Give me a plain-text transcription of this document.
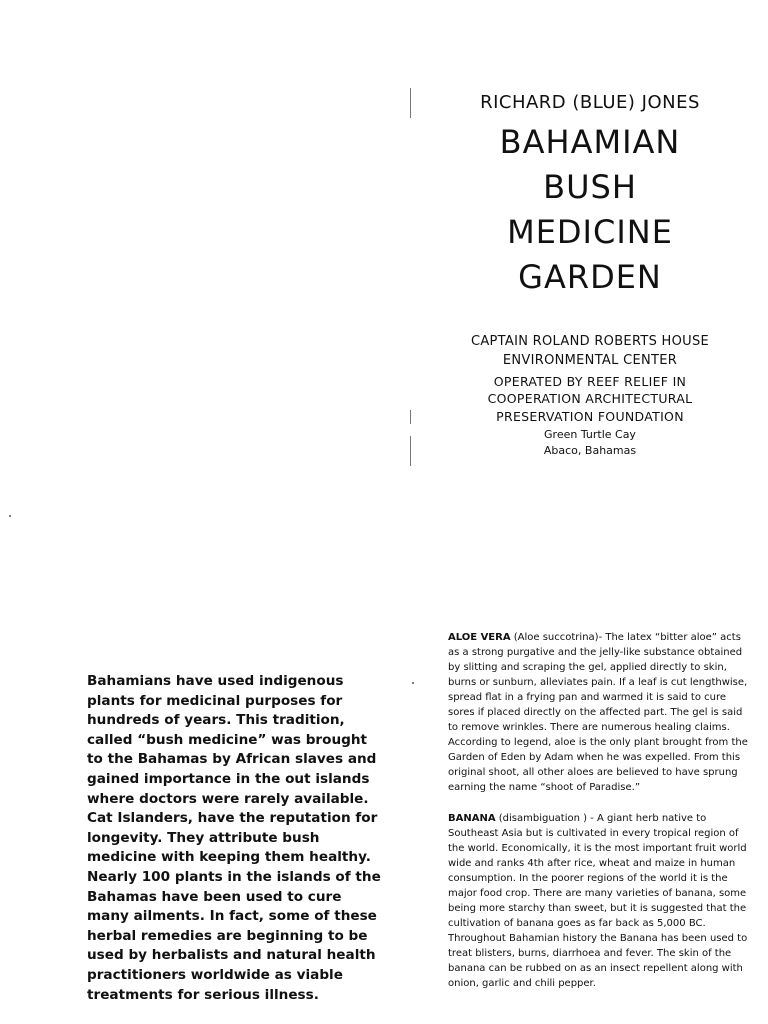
RICHARD (BLUE) JONES
BAHAMIAN
BUSH
MEDICINE
GARDEN
CAPTAIN ROLAND ROBERTS HOUSE
ENVIRONMENTAL CENTER
OPERATED BY REEF RELIEF IN
COOPERATION ARCHITECTURAL
PRESERVATION FOUNDATION
Green Turtle Cay
Abaco, Bahamas
Bahamians have used indigenous plants for medicinal purposes for hundreds of years. This tradition, called “bush medicine” was brought to the Bahamas by African slaves and gained importance in the out islands where doctors were rarely available. Cat Islanders, have the reputation for longevity. They attribute bush medicine with keeping them healthy. Nearly 100 plants in the islands of the Bahamas have been used to cure many ailments. In fact, some of these herbal remedies are beginning to be used by herbalists and natural health practitioners worldwide as viable treatments for serious illness.

ALOE VERA (Aloe succotrina)- The latex “bitter aloe” acts as a strong purgative and the jelly-like substance obtained by slitting and scraping the gel, applied directly to skin, burns or sunburn, alleviates pain. If a leaf is cut lengthwise, spread flat in a frying pan and warmed it is said to cure sores if placed directly on the affected part. The gel is said to remove wrinkles. There are numerous healing claims. According to legend, aloe is the only plant brought from the Garden of Eden by Adam when he was expelled. From this original shoot, all other aloes are believed to have sprung earning the name “shoot of Paradise.”

BANANA (disambiguation ) - A giant herb native to Southeast Asia but is cultivated in every tropical region of the world. Economically, it is the most important fruit world wide and ranks 4th after rice, wheat and maize in human consumption. In the poorer regions of the world it is the major food crop. There are many varieties of banana, some being more starchy than sweet, but it is suggested that the cultivation of banana goes as far back as 5,000 BC. Throughout Bahamian history the Banana has been used to treat blisters, burns, diarrhoea and fever. The skin of the banana can be rubbed on as an insect repellent along with onion, garlic and chili pepper.
